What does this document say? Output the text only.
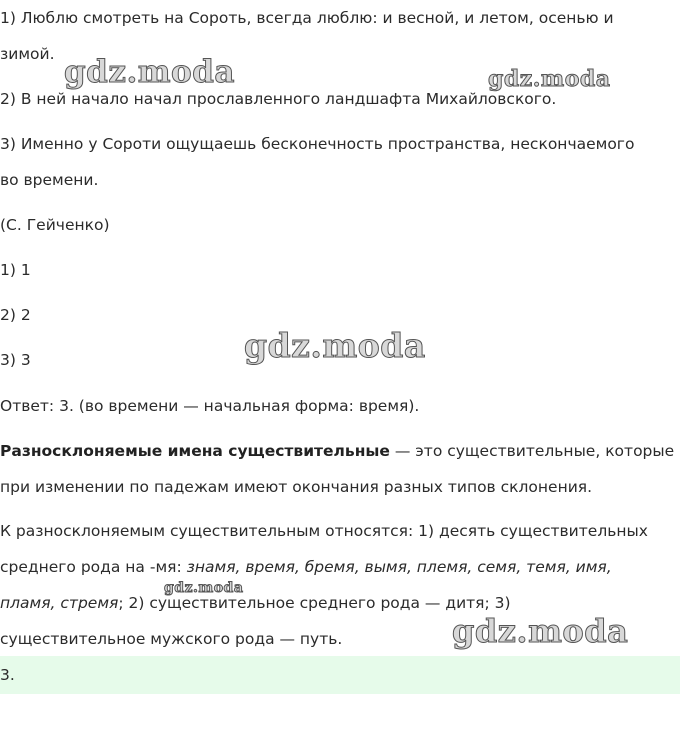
1) Люблю смотреть на Сороть, всегда люблю: и весной, и летом, осенью и
зимой. gdz.moda	gdz.moda
2) В ней начало начал прославленного ландшафта Михайловского.
3) Именно у Сороти ощущаешь бесконечность пространства, нескончаемого
во времени.
(С. Гейченко)
1) 1
2) 2
3) 3	gdz.moda
Ответ: 3. (во времени — начальная форма: время).
Разносклоняемые имена существительные — это существительные, которые
при изменении по падежам имеют окончания разных типов склонения.
К разносклоняемым существительным относятся: 1) десять существительных
среднего рода на -мя: знамя, время, бремя, вымя, племя, семя, темя, имя,
пламя, стремя; 2) существительное среднего рода — дитя; 3)
gdz.moda
существительное мужского рода — путь.	gdz.moda
3.
